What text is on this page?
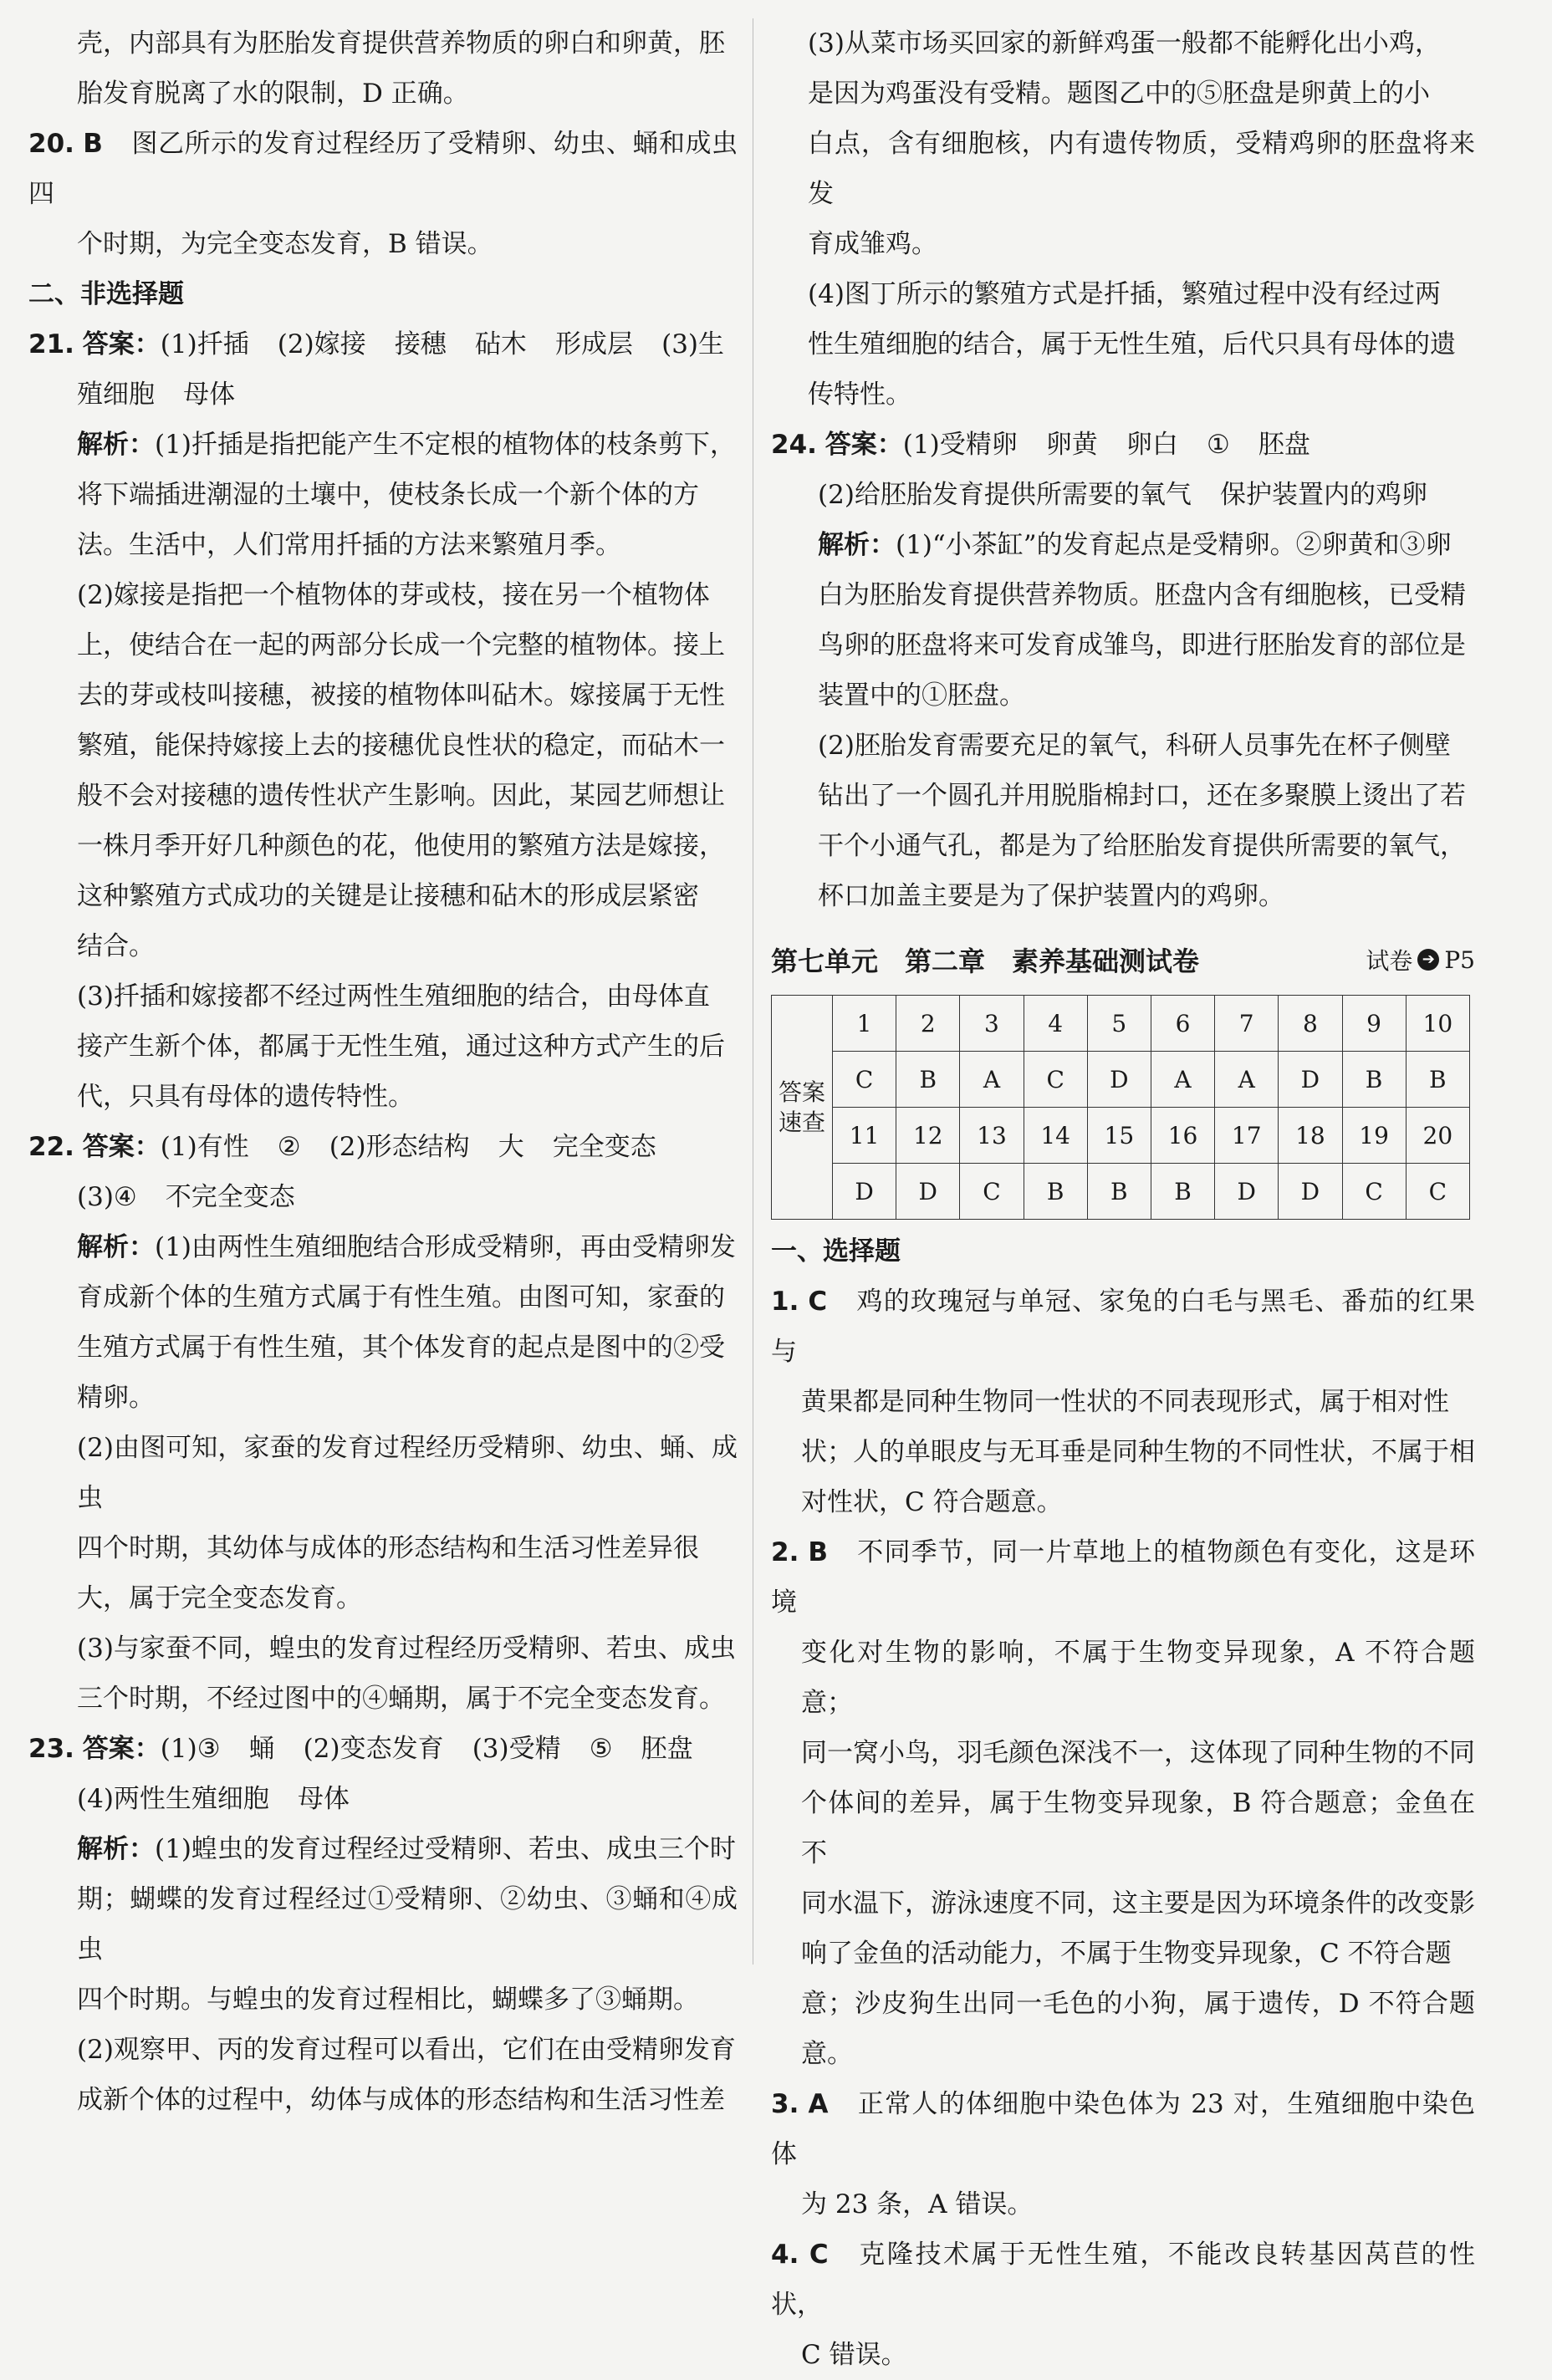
壳，内部具有为胚胎发育提供营养物质的卵白和卵黄，胚

胎发育脱离了水的限制，D 正确。

20. B 图乙所示的发育过程经历了受精卵、幼虫、蛹和成虫四

个时期，为完全变态发育，B 错误。

二、非选择题

21. 答案：(1)扦插 (2)嫁接 接穗 砧木 形成层 (3)生

殖细胞 母体

解析：(1)扦插是指把能产生不定根的植物体的枝条剪下，

将下端插进潮湿的土壤中，使枝条长成一个新个体的方

法。生活中，人们常用扦插的方法来繁殖月季。

(2)嫁接是指把一个植物体的芽或枝，接在另一个植物体

上，使结合在一起的两部分长成一个完整的植物体。接上

去的芽或枝叫接穗，被接的植物体叫砧木。嫁接属于无性

繁殖，能保持嫁接上去的接穗优良性状的稳定，而砧木一

般不会对接穗的遗传性状产生影响。因此，某园艺师想让

一株月季开好几种颜色的花，他使用的繁殖方法是嫁接，

这种繁殖方式成功的关键是让接穗和砧木的形成层紧密

结合。

(3)扦插和嫁接都不经过两性生殖细胞的结合，由母体直

接产生新个体，都属于无性生殖，通过这种方式产生的后

代，只具有母体的遗传特性。

22. 答案：(1)有性 ② (2)形态结构 大 完全变态

(3)④ 不完全变态

解析：(1)由两性生殖细胞结合形成受精卵，再由受精卵发

育成新个体的生殖方式属于有性生殖。由图可知，家蚕的

生殖方式属于有性生殖，其个体发育的起点是图中的②受

精卵。

(2)由图可知，家蚕的发育过程经历受精卵、幼虫、蛹、成虫

四个时期，其幼体与成体的形态结构和生活习性差异很

大，属于完全变态发育。

(3)与家蚕不同，蝗虫的发育过程经历受精卵、若虫、成虫

三个时期，不经过图中的④蛹期，属于不完全变态发育。

23. 答案：(1)③ 蛹 (2)变态发育 (3)受精 ⑤ 胚盘

(4)两性生殖细胞 母体

解析：(1)蝗虫的发育过程经过受精卵、若虫、成虫三个时

期；蝴蝶的发育过程经过①受精卵、②幼虫、③蛹和④成虫

四个时期。与蝗虫的发育过程相比，蝴蝶多了③蛹期。

(2)观察甲、丙的发育过程可以看出，它们在由受精卵发育

成新个体的过程中，幼体与成体的形态结构和生活习性差

(3)从菜市场买回家的新鲜鸡蛋一般都不能孵化出小鸡，

是因为鸡蛋没有受精。题图乙中的⑤胚盘是卵黄上的小

白点，含有细胞核，内有遗传物质，受精鸡卵的胚盘将来发

育成雏鸡。

(4)图丁所示的繁殖方式是扦插，繁殖过程中没有经过两

性生殖细胞的结合，属于无性生殖，后代只具有母体的遗

传特性。

24. 答案：(1)受精卵 卵黄 卵白 ① 胚盘

(2)给胚胎发育提供所需要的氧气 保护装置内的鸡卵

解析：(1)“小茶缸”的发育起点是受精卵。②卵黄和③卵

白为胚胎发育提供营养物质。胚盘内含有细胞核，已受精

鸟卵的胚盘将来可发育成雏鸟，即进行胚胎发育的部位是

装置中的①胚盘。

(2)胚胎发育需要充足的氧气，科研人员事先在杯子侧壁

钻出了一个圆孔并用脱脂棉封口，还在多聚膜上烫出了若

干个小通气孔，都是为了给胚胎发育提供所需要的氧气，

杯口加盖主要是为了保护装置内的鸡卵。

第七单元　第二章　素养基础测试卷	试卷 ➔ P5
答案
速查	1	2	3	4	5	6	7	8	9	10
	C	B	A	C	D	A	A	D	B	B
	11	12	13	14	15	16	17	18	19	20
	D	D	C	B	B	B	D	D	C	C

一、选择题

1. C 鸡的玫瑰冠与单冠、家兔的白毛与黑毛、番茄的红果与

黄果都是同种生物同一性状的不同表现形式，属于相对性

状；人的单眼皮与无耳垂是同种生物的不同性状，不属于相

对性状，C 符合题意。

2. B 不同季节，同一片草地上的植物颜色有变化，这是环境

变化对生物的影响，不属于生物变异现象，A 不符合题意；

同一窝小鸟，羽毛颜色深浅不一，这体现了同种生物的不同

个体间的差异，属于生物变异现象，B 符合题意；金鱼在不

同水温下，游泳速度不同，这主要是因为环境条件的改变影

响了金鱼的活动能力，不属于生物变异现象，C 不符合题

意；沙皮狗生出同一毛色的小狗，属于遗传，D 不符合题意。

3. A 正常人的体细胞中染色体为 23 对，生殖细胞中染色体

为 23 条，A 错误。

4. C 克隆技术属于无性生殖，不能改良转基因莴苣的性状，

C 错误。
